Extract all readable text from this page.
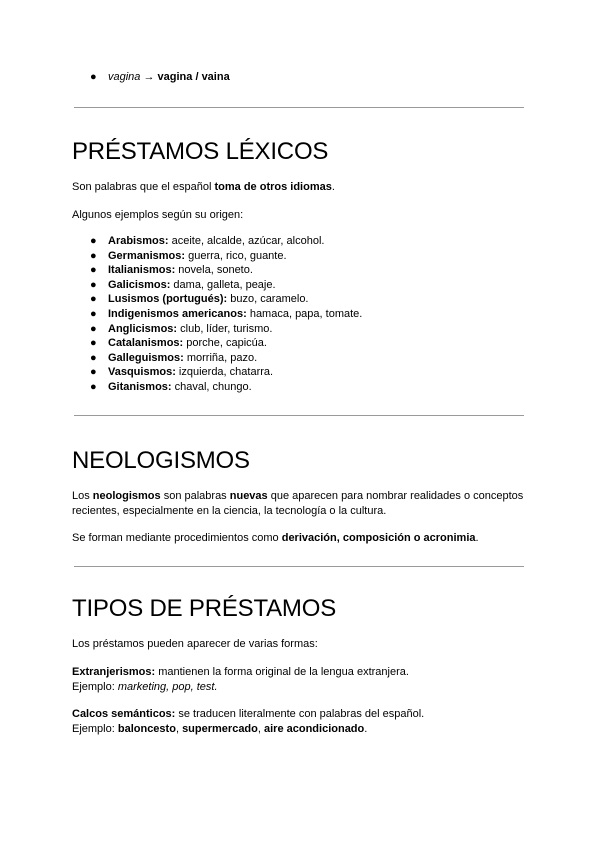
● vagina → vagina / vaina
PRÉSTAMOS LÉXICOS

Son palabras que el español toma de otros idiomas.

Algunos ejemplos según su origen:

● Arabismos: aceite, alcalde, azúcar, alcohol.
● Germanismos: guerra, rico, guante.
● Italianismos: novela, soneto.
● Galicismos: dama, galleta, peaje.
● Lusismos (portugués): buzo, caramelo.
● Indigenismos americanos: hamaca, papa, tomate.
● Anglicismos: club, líder, turismo.
● Catalanismos: porche, capicúa.
● Galleguismos: morriña, pazo.
● Vasquismos: izquierda, chatarra.
● Gitanismos: chaval, chungo.
NEOLOGISMOS

Los neologismos son palabras nuevas que aparecen para nombrar realidades o conceptos
recientes, especialmente en la ciencia, la tecnología o la cultura.

Se forman mediante procedimientos como derivación, composición o acronimia.

TIPOS DE PRÉSTAMOS

Los préstamos pueden aparecer de varias formas:

Extranjerismos: mantienen la forma original de la lengua extranjera.
Ejemplo: marketing, pop, test.

Calcos semánticos: se traducen literalmente con palabras del español.
Ejemplo: baloncesto, supermercado, aire acondicionado.
